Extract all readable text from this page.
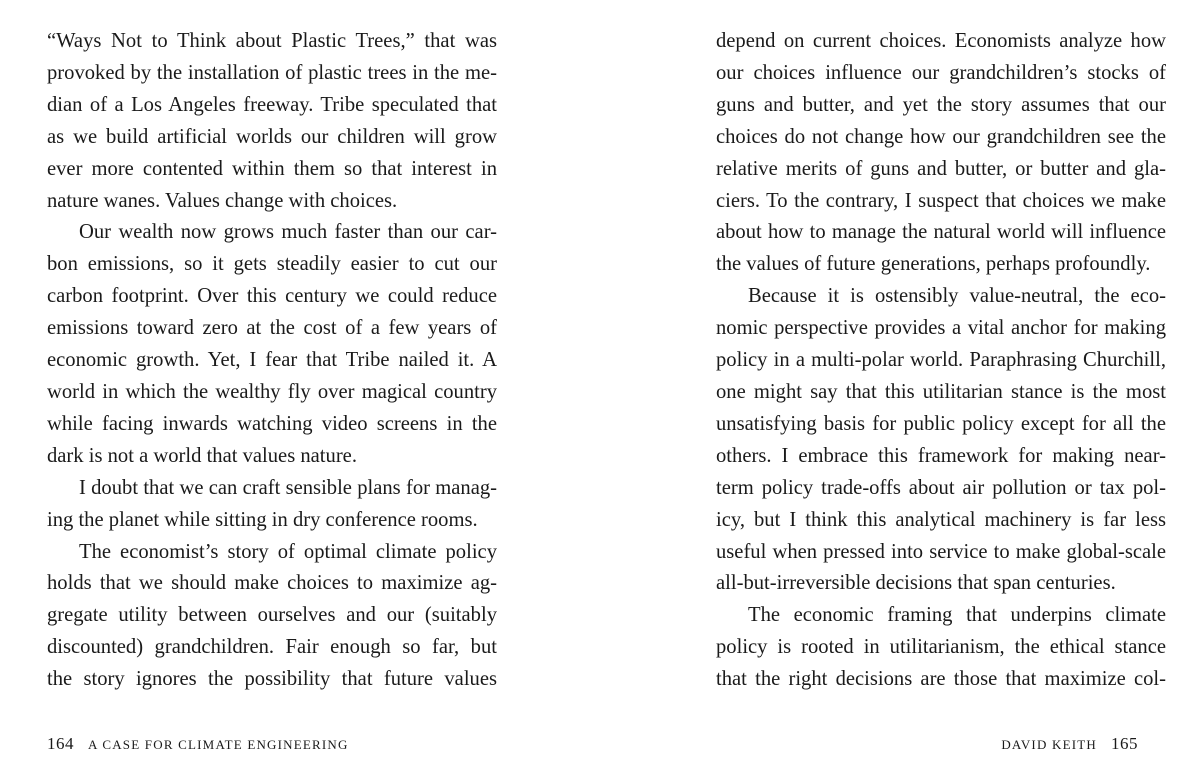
“Ways Not to Think about Plastic Trees,” that was
provoked by the installation of plastic trees in the me-
dian of a Los Angeles freeway. Tribe speculated that
as we build artificial worlds our children will grow
ever more contented within them so that interest in
nature wanes. Values change with choices.
Our wealth now grows much faster than our car-
bon emissions, so it gets steadily easier to cut our
carbon footprint. Over this century we could reduce
emissions toward zero at the cost of a few years of
economic growth. Yet, I fear that Tribe nailed it. A
world in which the wealthy fly over magical country
while facing inwards watching video screens in the
dark is not a world that values nature.
I doubt that we can craft sensible plans for manag-
ing the planet while sitting in dry conference rooms.
The economist’s story of optimal climate policy
holds that we should make choices to maximize ag-
gregate utility between ourselves and our (suitably
discounted) grandchildren. Fair enough so far, but
the story ignores the possibility that future values
164 A CASE FOR CLIMATE ENGINEERING
depend on current choices. Economists analyze how
our choices influence our grandchildren’s stocks of
guns and butter, and yet the story assumes that our
choices do not change how our grandchildren see the
relative merits of guns and butter, or butter and gla-
ciers. To the contrary, I suspect that choices we make
about how to manage the natural world will influence
the values of future generations, perhaps profoundly.
Because it is ostensibly value-neutral, the eco-
nomic perspective provides a vital anchor for making
policy in a multi-polar world. Paraphrasing Churchill,
one might say that this utilitarian stance is the most
unsatisfying basis for public policy except for all the
others. I embrace this framework for making near-
term policy trade-offs about air pollution or tax pol-
icy, but I think this analytical machinery is far less
useful when pressed into service to make global-scale
all-but-irreversible decisions that span centuries.
The economic framing that underpins climate
policy is rooted in utilitarianism, the ethical stance
that the right decisions are those that maximize col-
DAVID KEITH 165
